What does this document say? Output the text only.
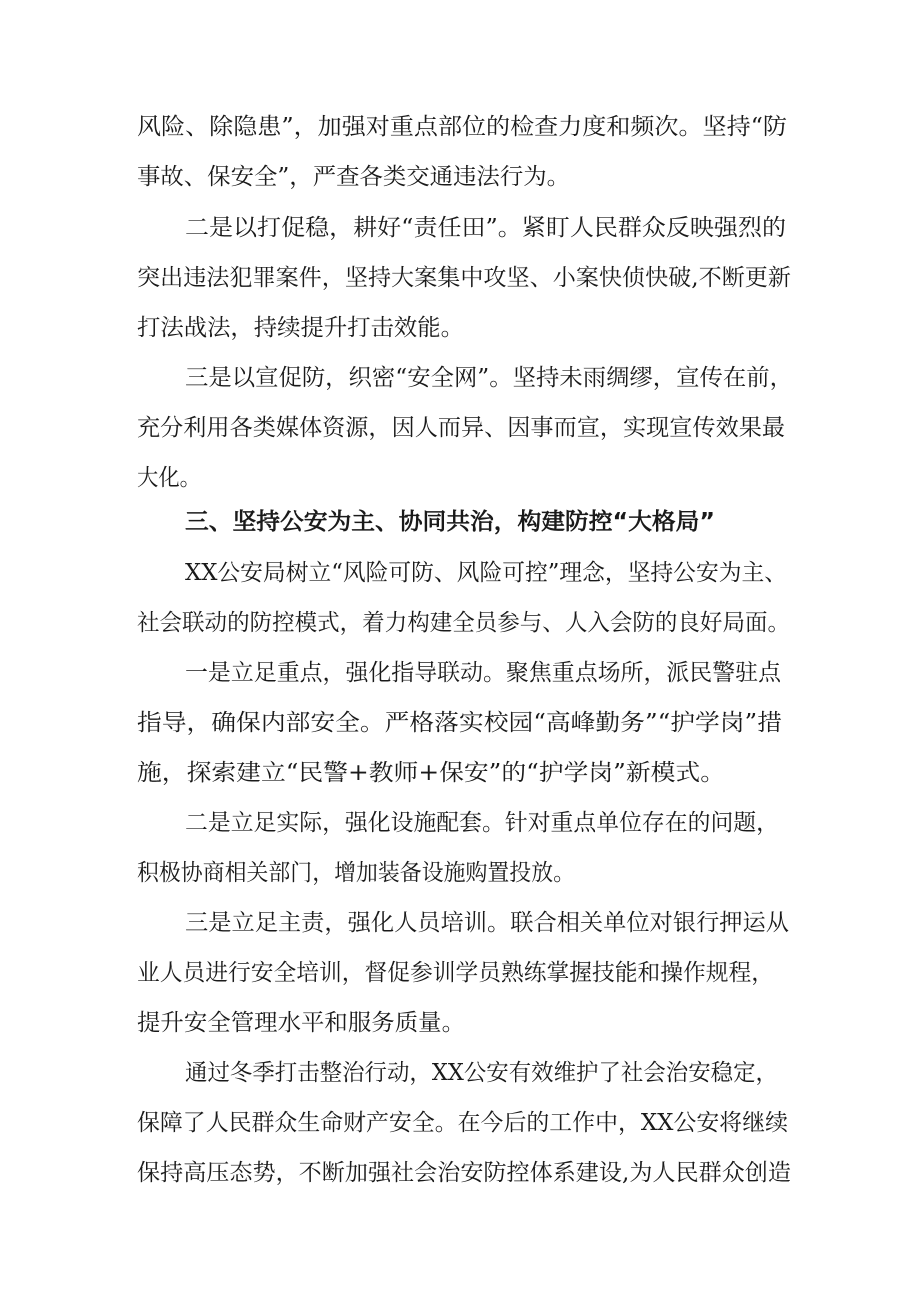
风险、除隐患”，加强对重点部位的检查力度和频次。坚持“防
事故、保安全”，严查各类交通违法行为。
二是以打促稳，耕好“责任田”。紧盯人民群众反映强烈的
突出违法犯罪案件，坚持大案集中攻坚、小案快侦快破,不断更新
打法战法，持续提升打击效能。
三是以宣促防，织密“安全网”。坚持未雨绸缪，宣传在前，
充分利用各类媒体资源，因人而异、因事而宣，实现宣传效果最
大化。
三、坚持公安为主、协同共治，构建防控“大格局”
XX公安局树立“风险可防、风险可控”理念，坚持公安为主、
社会联动的防控模式，着力构建全员参与、人入会防的良好局面。
一是立足重点，强化指导联动。聚焦重点场所，派民警驻点
指导，确保内部安全。严格落实校园“高峰勤务”“护学岗”措
施，探索建立“民警+教师+保安”的“护学岗”新模式。
二是立足实际，强化设施配套。针对重点单位存在的问题，
积极协商相关部门，增加装备设施购置投放。
三是立足主责，强化人员培训。联合相关单位对银行押运从
业人员进行安全培训，督促参训学员熟练掌握技能和操作规程，
提升安全管理水平和服务质量。
通过冬季打击整治行动，XX公安有效维护了社会治安稳定，
保障了人民群众生命财产安全。在今后的工作中，XX公安将继续
保持高压态势，不断加强社会治安防控体系建设,为人民群众创造
